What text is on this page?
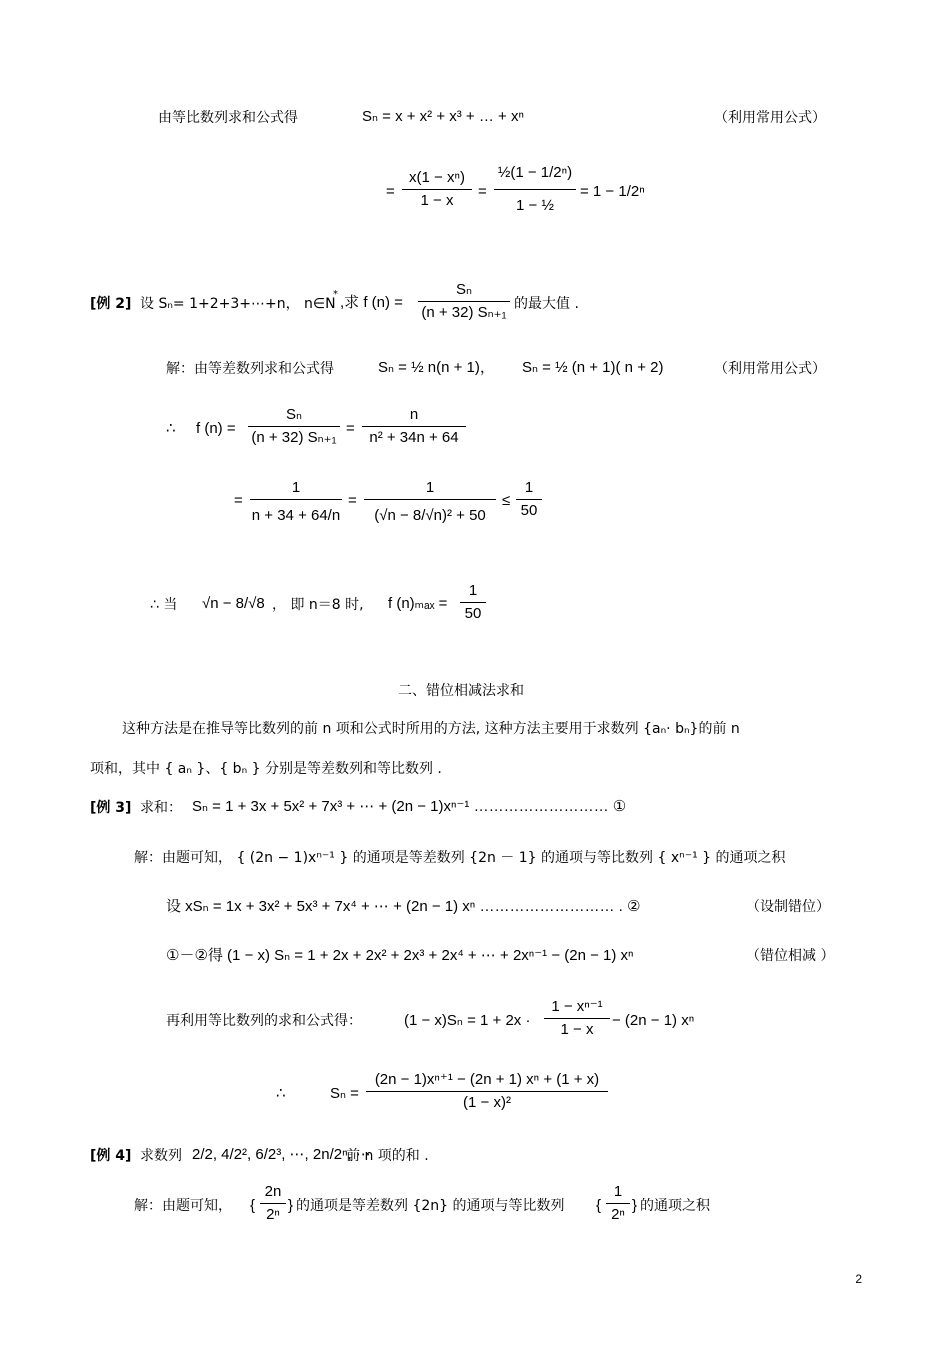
由等比数列求和公式得	Sₙ = x + x² + x³ + … + xⁿ	（利用常用公式）
=
x(1 − xⁿ)
1 − x
=
½(1 − 1/2ⁿ)
1 − ½
= 1 − 1/2ⁿ
[例 2] 设 Sₙ= 1+2+3+⋯+n， n∈N
* ,求 f (n) =
Sₙ
(n + 32) Sₙ₊₁ 的最大值 .
解：由等差数列求和公式得	Sₙ = ½ n(n + 1)， Sₙ = ½ (n + 1)( n + 2)	（利用常用公式）
∴ f (n) =
Sₙ
(n + 32) Sₙ₊₁
=
n
n² + 34n + 64
=
1
n + 34 + 64/n
=
1
(√n − 8/√n)² + 50
≤
1
50
∴ 当 √n − 8/√8 ， 即 n＝8 时, f (n)ₘₐₓ =
1
50
二、错位相减法求和
这种方法是在推导等比数列的前 n 项和公式时所用的方法, 这种方法主要用于求数列 {aₙ· bₙ}的前 n
项和，其中 { aₙ }、{ bₙ } 分别是等差数列和等比数列 .
[例 3] 求和： Sₙ = 1 + 3x + 5x² + 7x³ + ⋯ + (2n − 1)xⁿ⁻¹ ……………………… ①
解：由题可知， { (2n − 1)xⁿ⁻¹ } 的通项是等差数列 {2n － 1} 的通项与等比数列 { xⁿ⁻¹ } 的通项之积
设 xSₙ = 1x + 3x² + 5x³ + 7x⁴ + ⋯ + (2n − 1) xⁿ ……………………… . ②	（设制错位）
①－②得 (1 − x) Sₙ = 1 + 2x + 2x² + 2x³ + 2x⁴ + ⋯ + 2xⁿ⁻¹ − (2n − 1) xⁿ	（错位相减 ）
再利用等比数列的求和公式得：	(1 − x)Sₙ = 1 + 2x ·
1 − xⁿ⁻¹
1 − x
− (2n − 1) xⁿ
∴	Sₙ =
(2n − 1)xⁿ⁺¹ − (2n + 1) xⁿ + (1 + x)
(1 − x)²
[例 4] 求数列 2/2, 4/2², 6/2³, ⋯, 2n/2ⁿ, ⋯
前 n 项的和 .
解：由题可知， {
2n
2ⁿ
} 的通项是等差数列 {2n} 的通项与等比数列 {
1
2ⁿ
} 的通项之积
2
